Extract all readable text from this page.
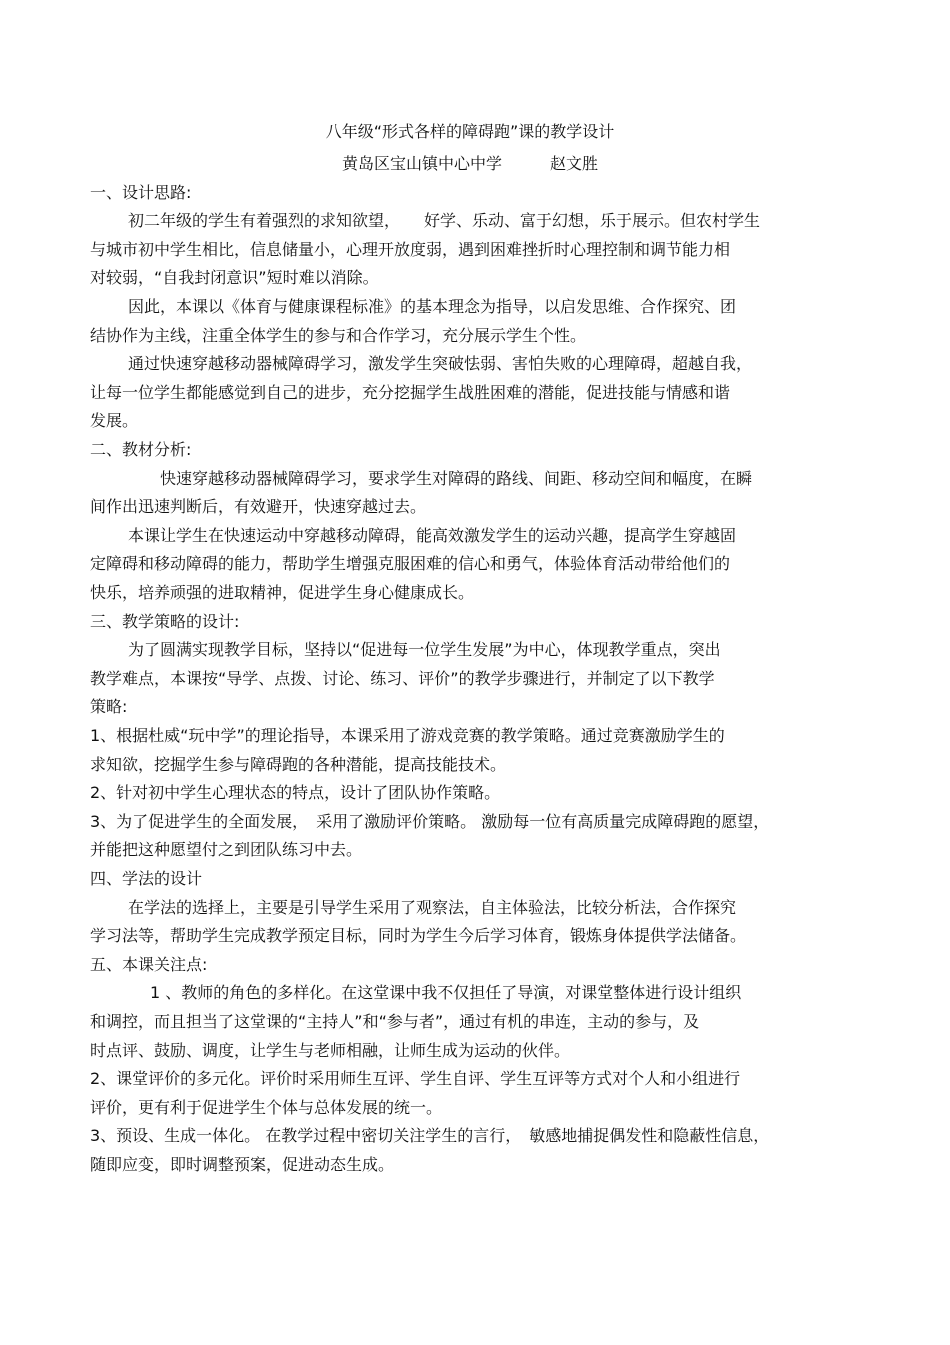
八年级“形式各样的障碍跑”课的教学设计
黄岛区宝山镇中心中学　　　赵文胜
一、设计思路:
初二年级的学生有着强烈的求知欲望，　　好学、乐动、富于幻想，乐于展示。但农村学生
与城市初中学生相比，信息储量小，心理开放度弱，遇到困难挫折时心理控制和调节能力相
对较弱，“自我封闭意识”短时难以消除。
因此，本课以《体育与健康课程标准》的基本理念为指导，以启发思维、合作探究、团
结协作为主线，注重全体学生的参与和合作学习，充分展示学生个性。
通过快速穿越移动器械障碍学习，激发学生突破怯弱、害怕失败的心理障碍，超越自我，
让每一位学生都能感觉到自己的进步，充分挖掘学生战胜困难的潜能，促进技能与情感和谐
发展。
二、教材分析:
快速穿越移动器械障碍学习，要求学生对障碍的路线、间距、移动空间和幅度，在瞬
间作出迅速判断后，有效避开，快速穿越过去。
本课让学生在快速运动中穿越移动障碍，能高效激发学生的运动兴趣，提高学生穿越固
定障碍和移动障碍的能力，帮助学生增强克服困难的信心和勇气，体验体育活动带给他们的
快乐，培养顽强的进取精神，促进学生身心健康成长。
三、教学策略的设计:
为了圆满实现教学目标，坚持以“促进每一位学生发展”为中心，体现教学重点，突出
教学难点，本课按“导学、点拨、讨论、练习、评价”的教学步骤进行，并制定了以下教学
策略:
1、根据杜威“玩中学”的理论指导，本课采用了游戏竞赛的教学策略。通过竞赛激励学生的
求知欲，挖掘学生参与障碍跑的各种潜能，提高技能技术。
2、针对初中学生心理状态的特点，设计了团队协作策略。
3、为了促进学生的全面发展，　采用了激励评价策略。 激励每一位有高质量完成障碍跑的愿望，
并能把这种愿望付之到团队练习中去。
四、学法的设计
在学法的选择上，主要是引导学生采用了观察法，自主体验法，比较分析法，合作探究
学习法等，帮助学生完成教学预定目标，同时为学生今后学习体育，锻炼身体提供学法储备。
五、本课关注点:
1 、教师的角色的多样化。在这堂课中我不仅担任了导演，对课堂整体进行设计组织
和调控，而且担当了这堂课的“主持人”和“参与者”，通过有机的串连，主动的参与，及
时点评、鼓励、调度，让学生与老师相融，让师生成为运动的伙伴。
2、课堂评价的多元化。评价时采用师生互评、学生自评、学生互评等方式对个人和小组进行
评价，更有利于促进学生个体与总体发展的统一。
3、预设、生成一体化。 在教学过程中密切关注学生的言行，　敏感地捕捉偶发性和隐蔽性信息，
随即应变，即时调整预案，促进动态生成。
